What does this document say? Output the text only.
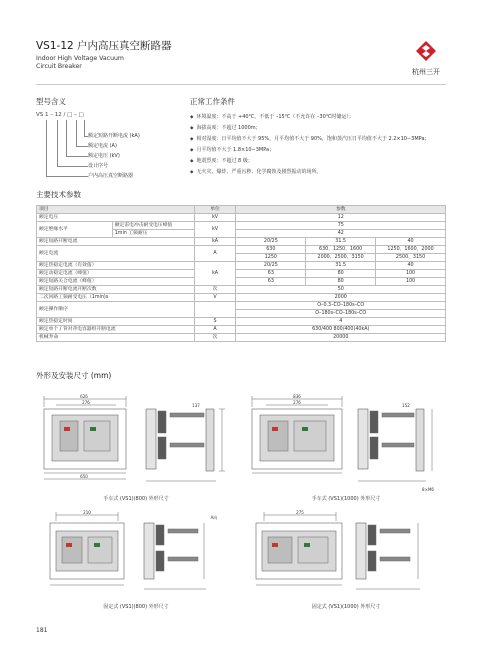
VS1-12 户内高压真空断路器
Indoor High Voltage Vacuum
Circuit Breaker
杭州三开
型号含义
VS 1 – 12 / □ – □
额定短路开断电流 (kA)
额定电流 (A)
额定电压 (kV)
设计序号
户内高压真空断路器
正常工作条件
◆ 环境温度：不高于 +40℃，不低于 –15℃（不允许在 –30℃时储运）；
◆ 海拔高度：不超过 1000m；
◆ 相对湿度：日平均值不大于 95%，月平均值不大于 90%，饱和蒸汽压日平均值不大于 2.2×10−3MPa；
◆ 月平均值不大于 1.8×10−3MPa；
◆ 地震烈度：不超过 8 级；
◆ 无火灾、爆炸、严重污秽、化学腐蚀及剧烈振动的场所。
主要技术参数
项目		单位	参数		
额定电压		kV	12		
额定绝缘水平	额定雷电冲击耐受电压峰值	kV	75		
	1min 工频耐压		42		
额定短路开断电流		kA	20/25	31.5	40
额定电流		A	630	630、1250、1600	1250、1600、2000
			1250	2000、2500、3150	2500、3150
额定热稳定电流（有效值）		kA	20/25	31.5	40
额定动稳定电流（峰值）			63	80	100
额定短路关合电流（峰值）			63	80	100
额定短路开断电流开断次数		次	50		
二次回路工频耐受电压（1min)s		V	2000		
额定操作顺序			O–0.3–CO–180s–CO		
			O–180s–CO–180s–CO		
额定热稳定时间		S	4		
额定单个 / 背对背电容器组开断电流		A	630/400 800/400(40kA)		
机械寿命		次	20000		
外形及安装尺寸 (mm)
626
276
650
137
手车式 (VS1)(800) 外形尺寸
836
276
152
8×M6
手车式 (VS1)(1000) 外形尺寸
210
A向
固定式 (VS1)(800) 外形尺寸
275
固定式 (VS1)(1000) 外形尺寸
181
